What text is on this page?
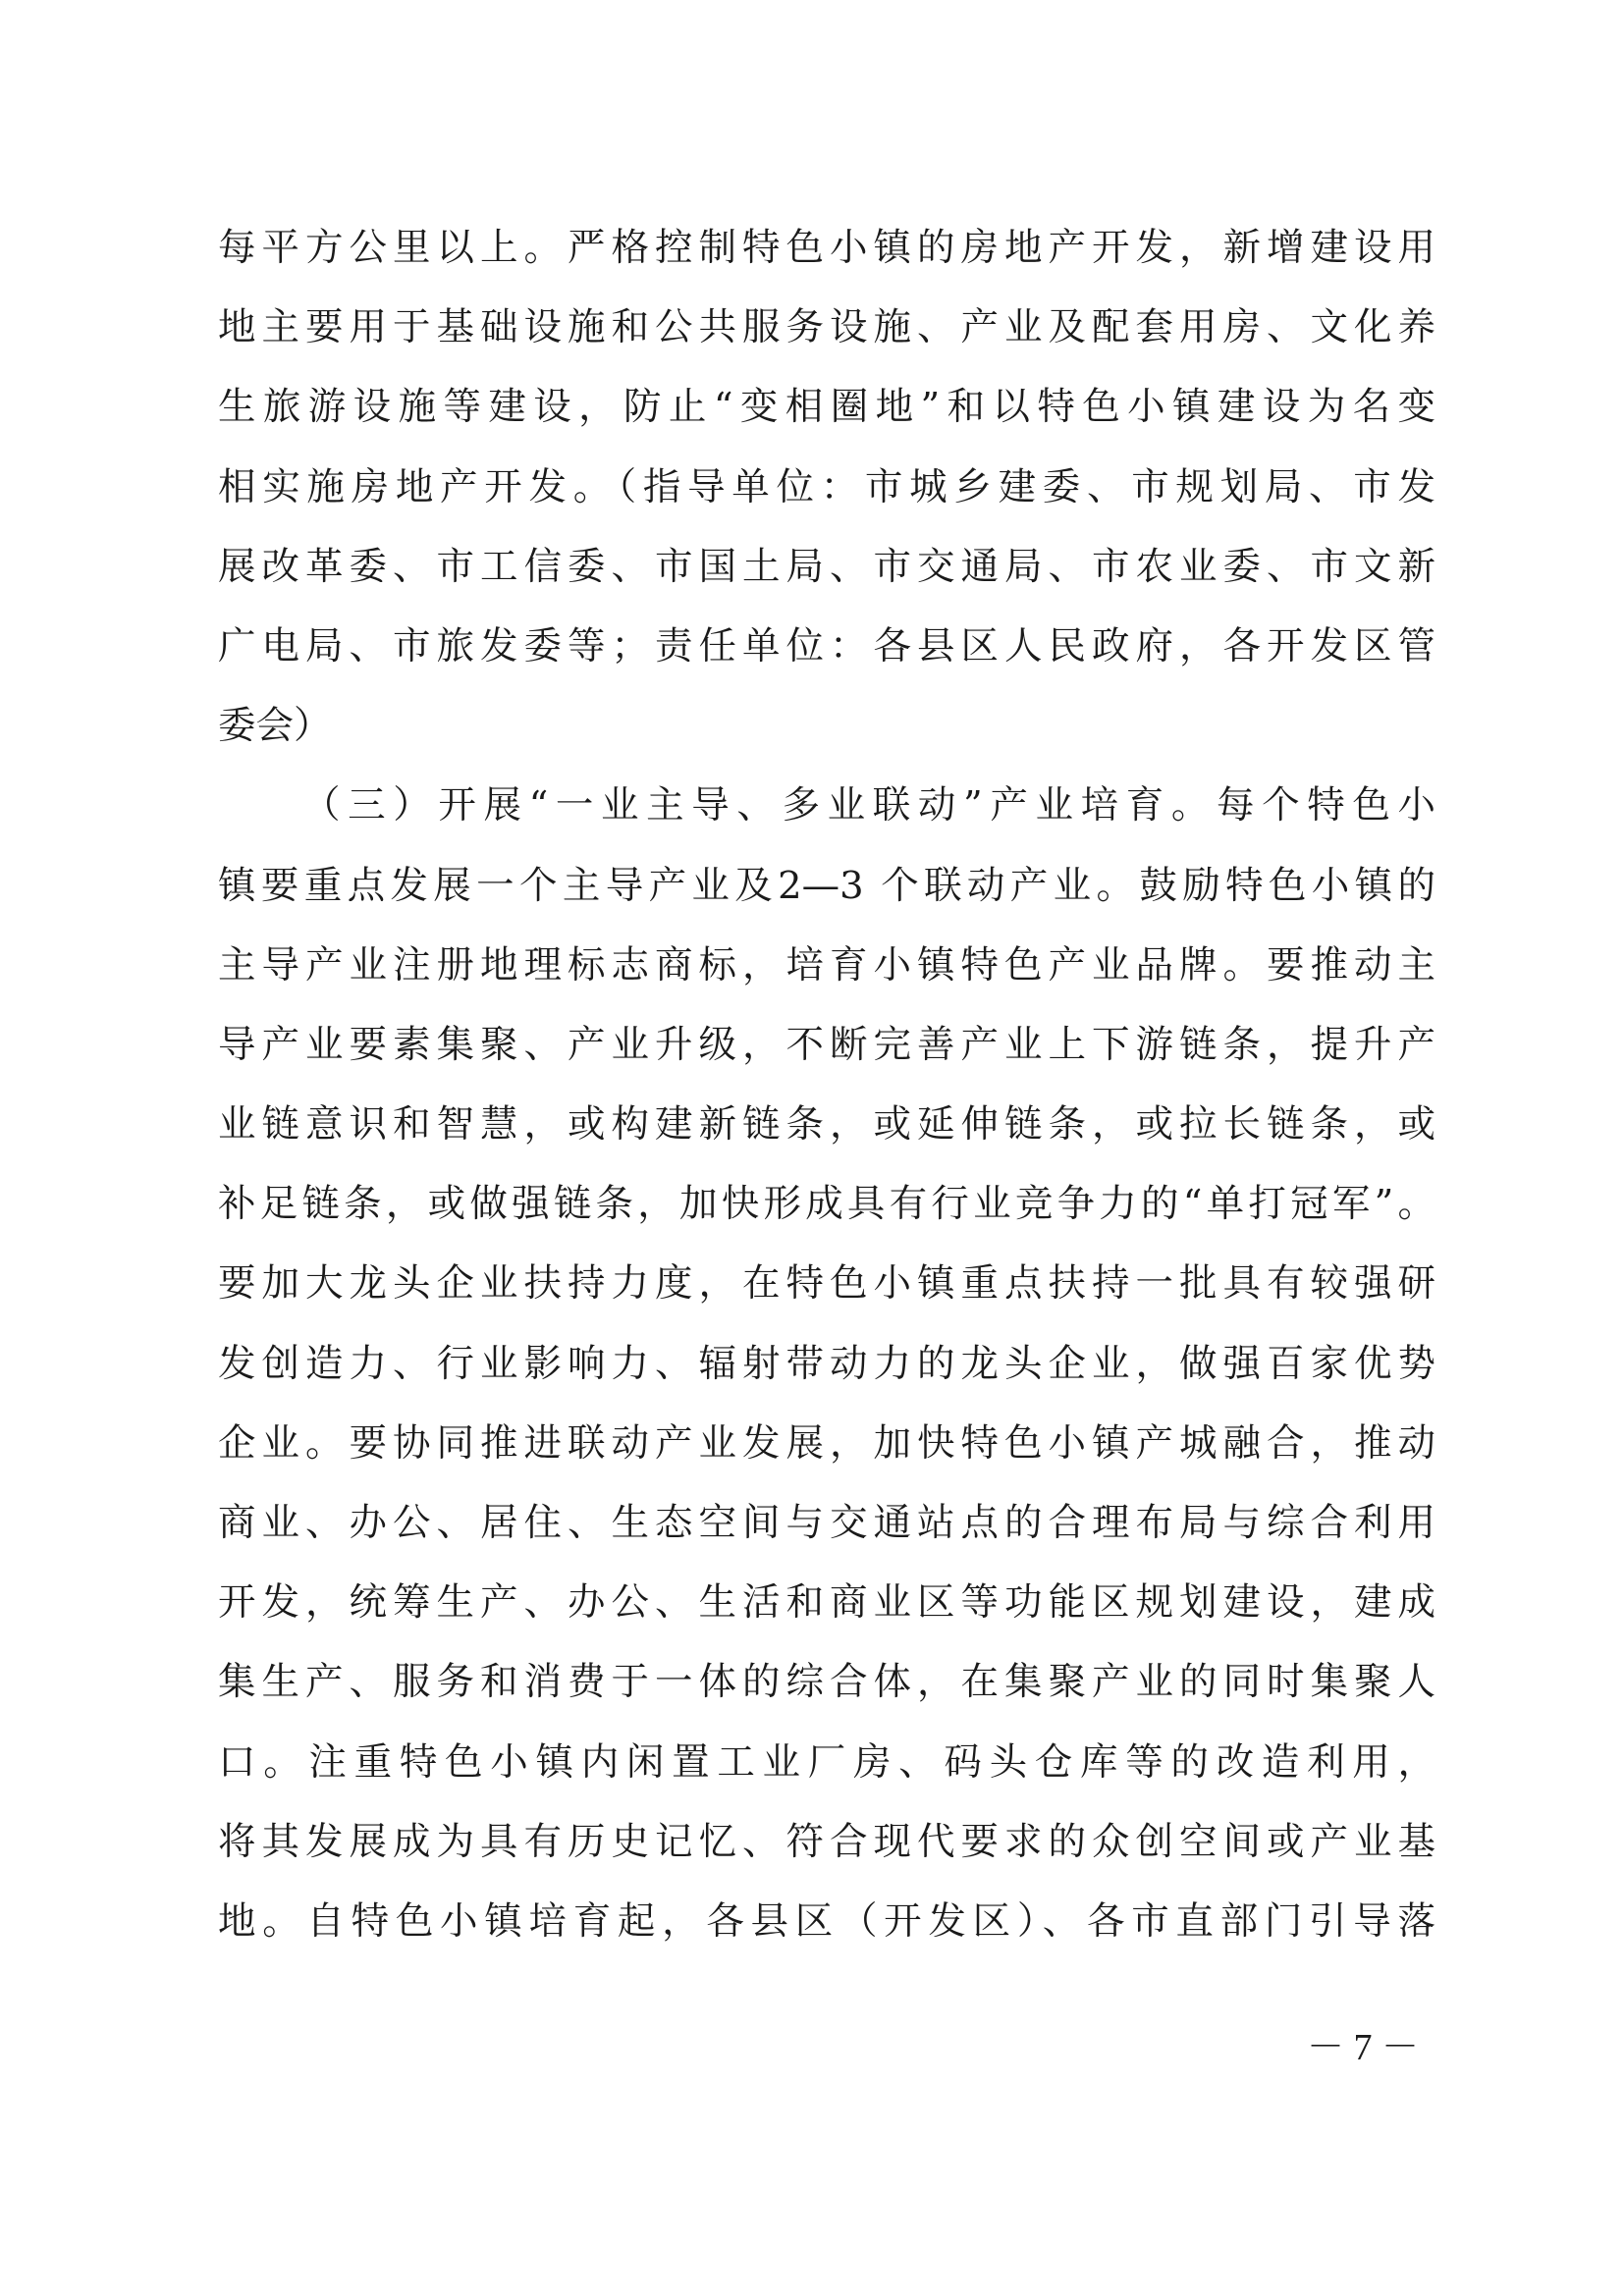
每平方公里以上。严格控制特色小镇的房地产开发，新增建设用
地主要用于基础设施和公共服务设施、产业及配套用房、文化养
生旅游设施等建设，防止“变相圈地”和以特色小镇建设为名变
相实施房地产开发。（指导单位：市城乡建委、市规划局、市发
展改革委、市工信委、市国土局、市交通局、市农业委、市文新
广电局、市旅发委等；责任单位：各县区人民政府，各开发区管
委会）
（三）开展“一业主导、多业联动”产业培育。每个特色小
镇要重点发展一个主导产业及2—3 个联动产业。鼓励特色小镇的
主导产业注册地理标志商标，培育小镇特色产业品牌。要推动主
导产业要素集聚、产业升级，不断完善产业上下游链条，提升产
业链意识和智慧，或构建新链条，或延伸链条，或拉长链条，或
补足链条，或做强链条，加快形成具有行业竞争力的“单打冠军”。
要加大龙头企业扶持力度，在特色小镇重点扶持一批具有较强研
发创造力、行业影响力、辐射带动力的龙头企业，做强百家优势
企业。要协同推进联动产业发展，加快特色小镇产城融合，推动
商业、办公、居住、生态空间与交通站点的合理布局与综合利用
开发，统筹生产、办公、生活和商业区等功能区规划建设，建成
集生产、服务和消费于一体的综合体，在集聚产业的同时集聚人
口。注重特色小镇内闲置工业厂房、码头仓库等的改造利用，
将其发展成为具有历史记忆、符合现代要求的众创空间或产业基
地。自特色小镇培育起，各县区（开发区）、各市直部门引导落
－ 7 －
